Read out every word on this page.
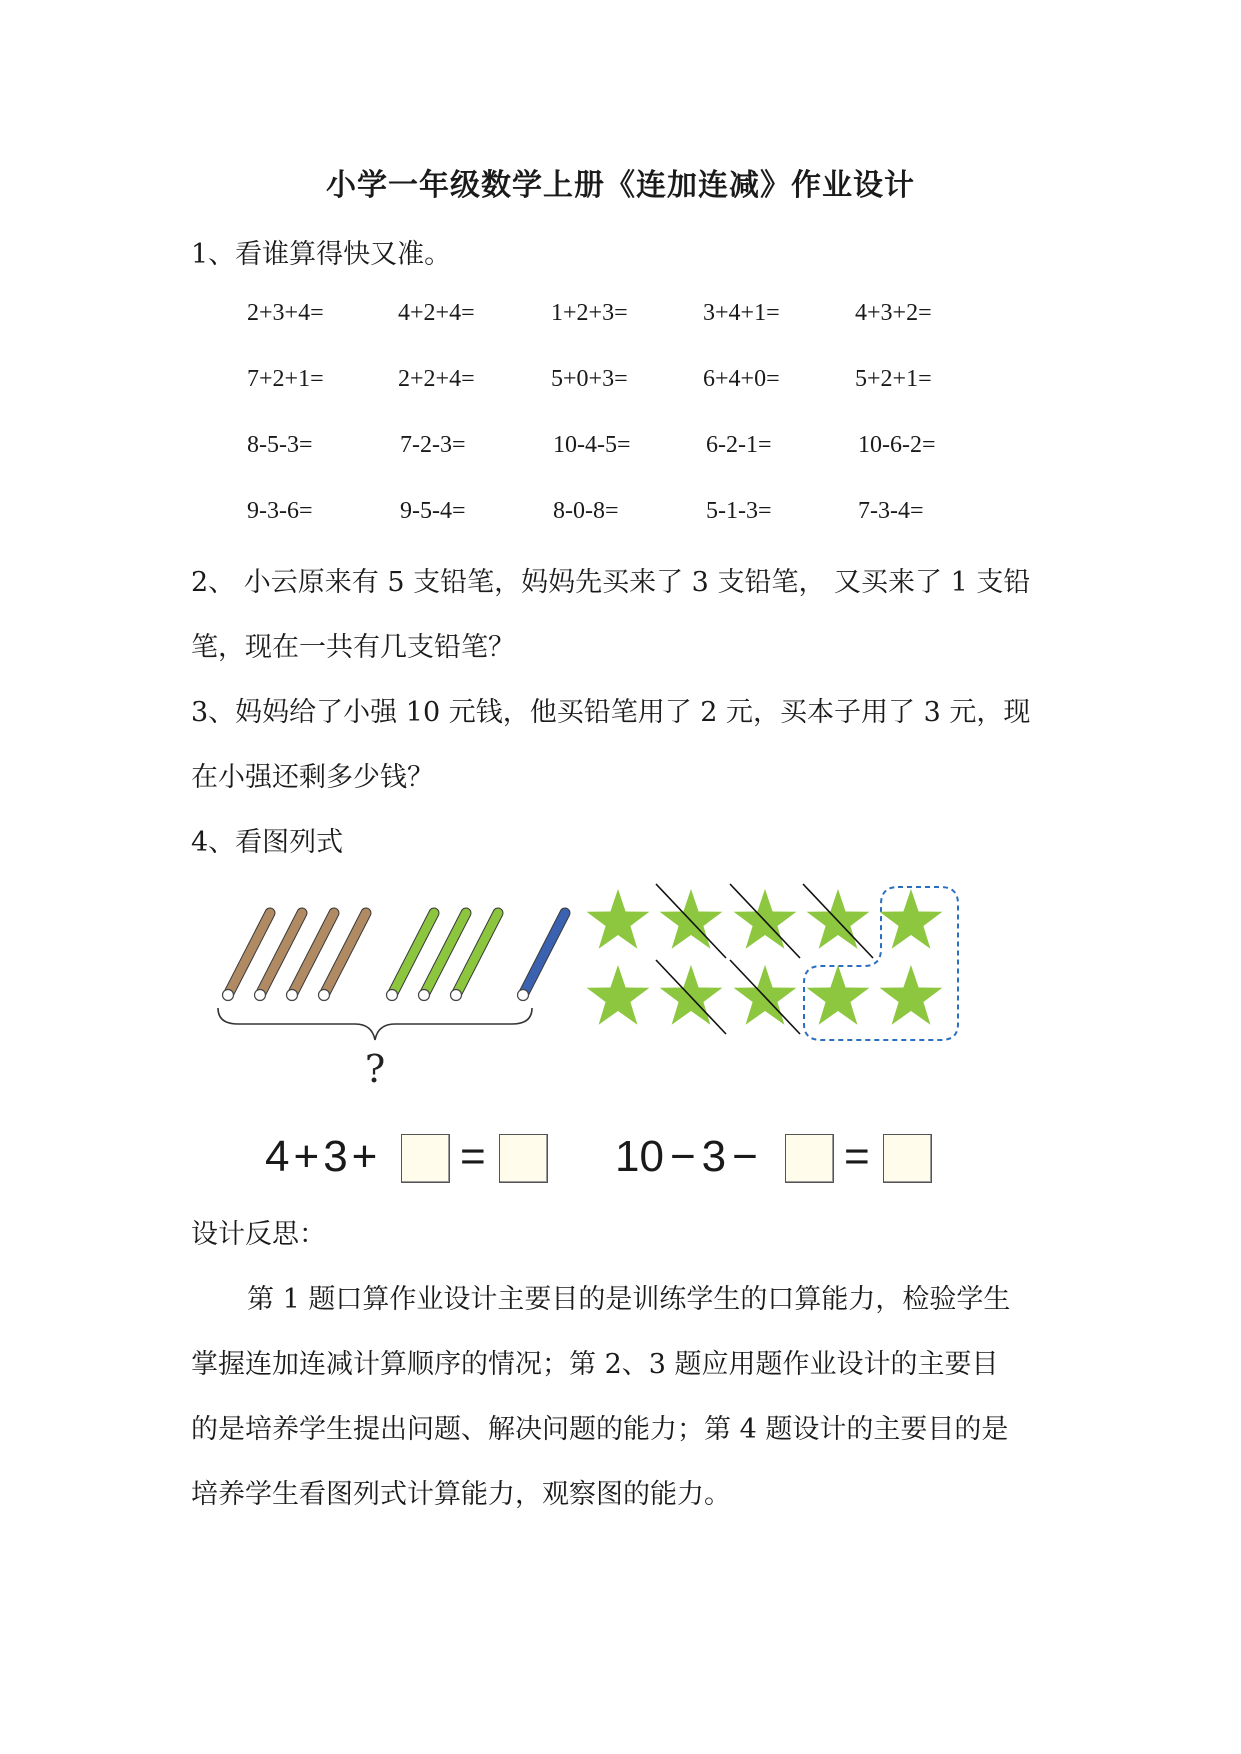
小学一年级数学上册《连加连减》作业设计
1、看谁算得快又准。
2+3+4=	4+2+4=	1+2+3=	3+4+1=	4+3+2=
7+2+1=	2+2+4=	5+0+3=	6+4+0=	5+2+1=
8-5-3=	7-2-3=	10-4-5=	6-2-1=	10-6-2=
9-3-6=	9-5-4=	8-0-8=	5-1-3=	7-3-4=
2、 小云原来有 5 支铅笔，妈妈先买来了 3 支铅笔， 又买来了 1 支铅
笔，现在一共有几支铅笔？
3、妈妈给了小强 10 元钱，他买铅笔用了 2 元，买本子用了 3 元，现
在小强还剩多少钱？
4、看图列式
?
4+3+ =	10 − 3 − =
设计反思：
第 1 题口算作业设计主要目的是训练学生的口算能力，检验学生
掌握连加连减计算顺序的情况；第 2、3 题应用题作业设计的主要目
的是培养学生提出问题、解决问题的能力；第 4 题设计的主要目的是
培养学生看图列式计算能力，观察图的能力。
